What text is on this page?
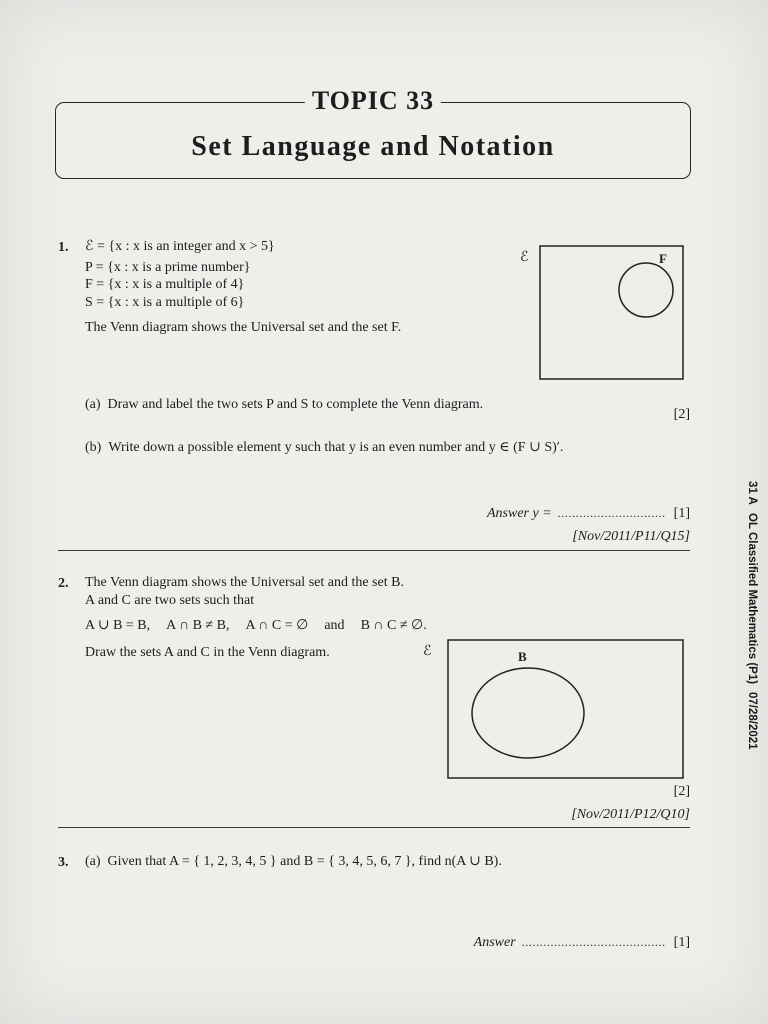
TOPIC 33
Set Language and Notation
1. ℰ = {x : x is an integer and x > 5}
P = {x : x is a prime number}
F = {x : x is a multiple of 4}
S = {x : x is a multiple of 6}
The Venn diagram shows the Universal set and the set F.
ℰ	F
(a) Draw and label the two sets P and S to complete the Venn diagram.
[2]
(b) Write down a possible element y such that y is an even number and y ∈ (F ∪ S)′.
Answer y = .............................. [1]
[Nov/2011/P11/Q15]
2. The Venn diagram shows the Universal set and the set B.
A and C are two sets such that
A ∪ B = B, A ∩ B ≠ B, A ∩ C = ∅ and B ∩ C ≠ ∅.
Draw the sets A and C in the Venn diagram.	ℰ	B
[2]
[Nov/2011/P12/Q10]
3. (a) Given that A = { 1, 2, 3, 4, 5 } and B = { 3, 4, 5, 6, 7 }, find n(A ∪ B).
Answer ........................................ [1]
31 AOL Classified Mathematics (P1)07/28/2021
